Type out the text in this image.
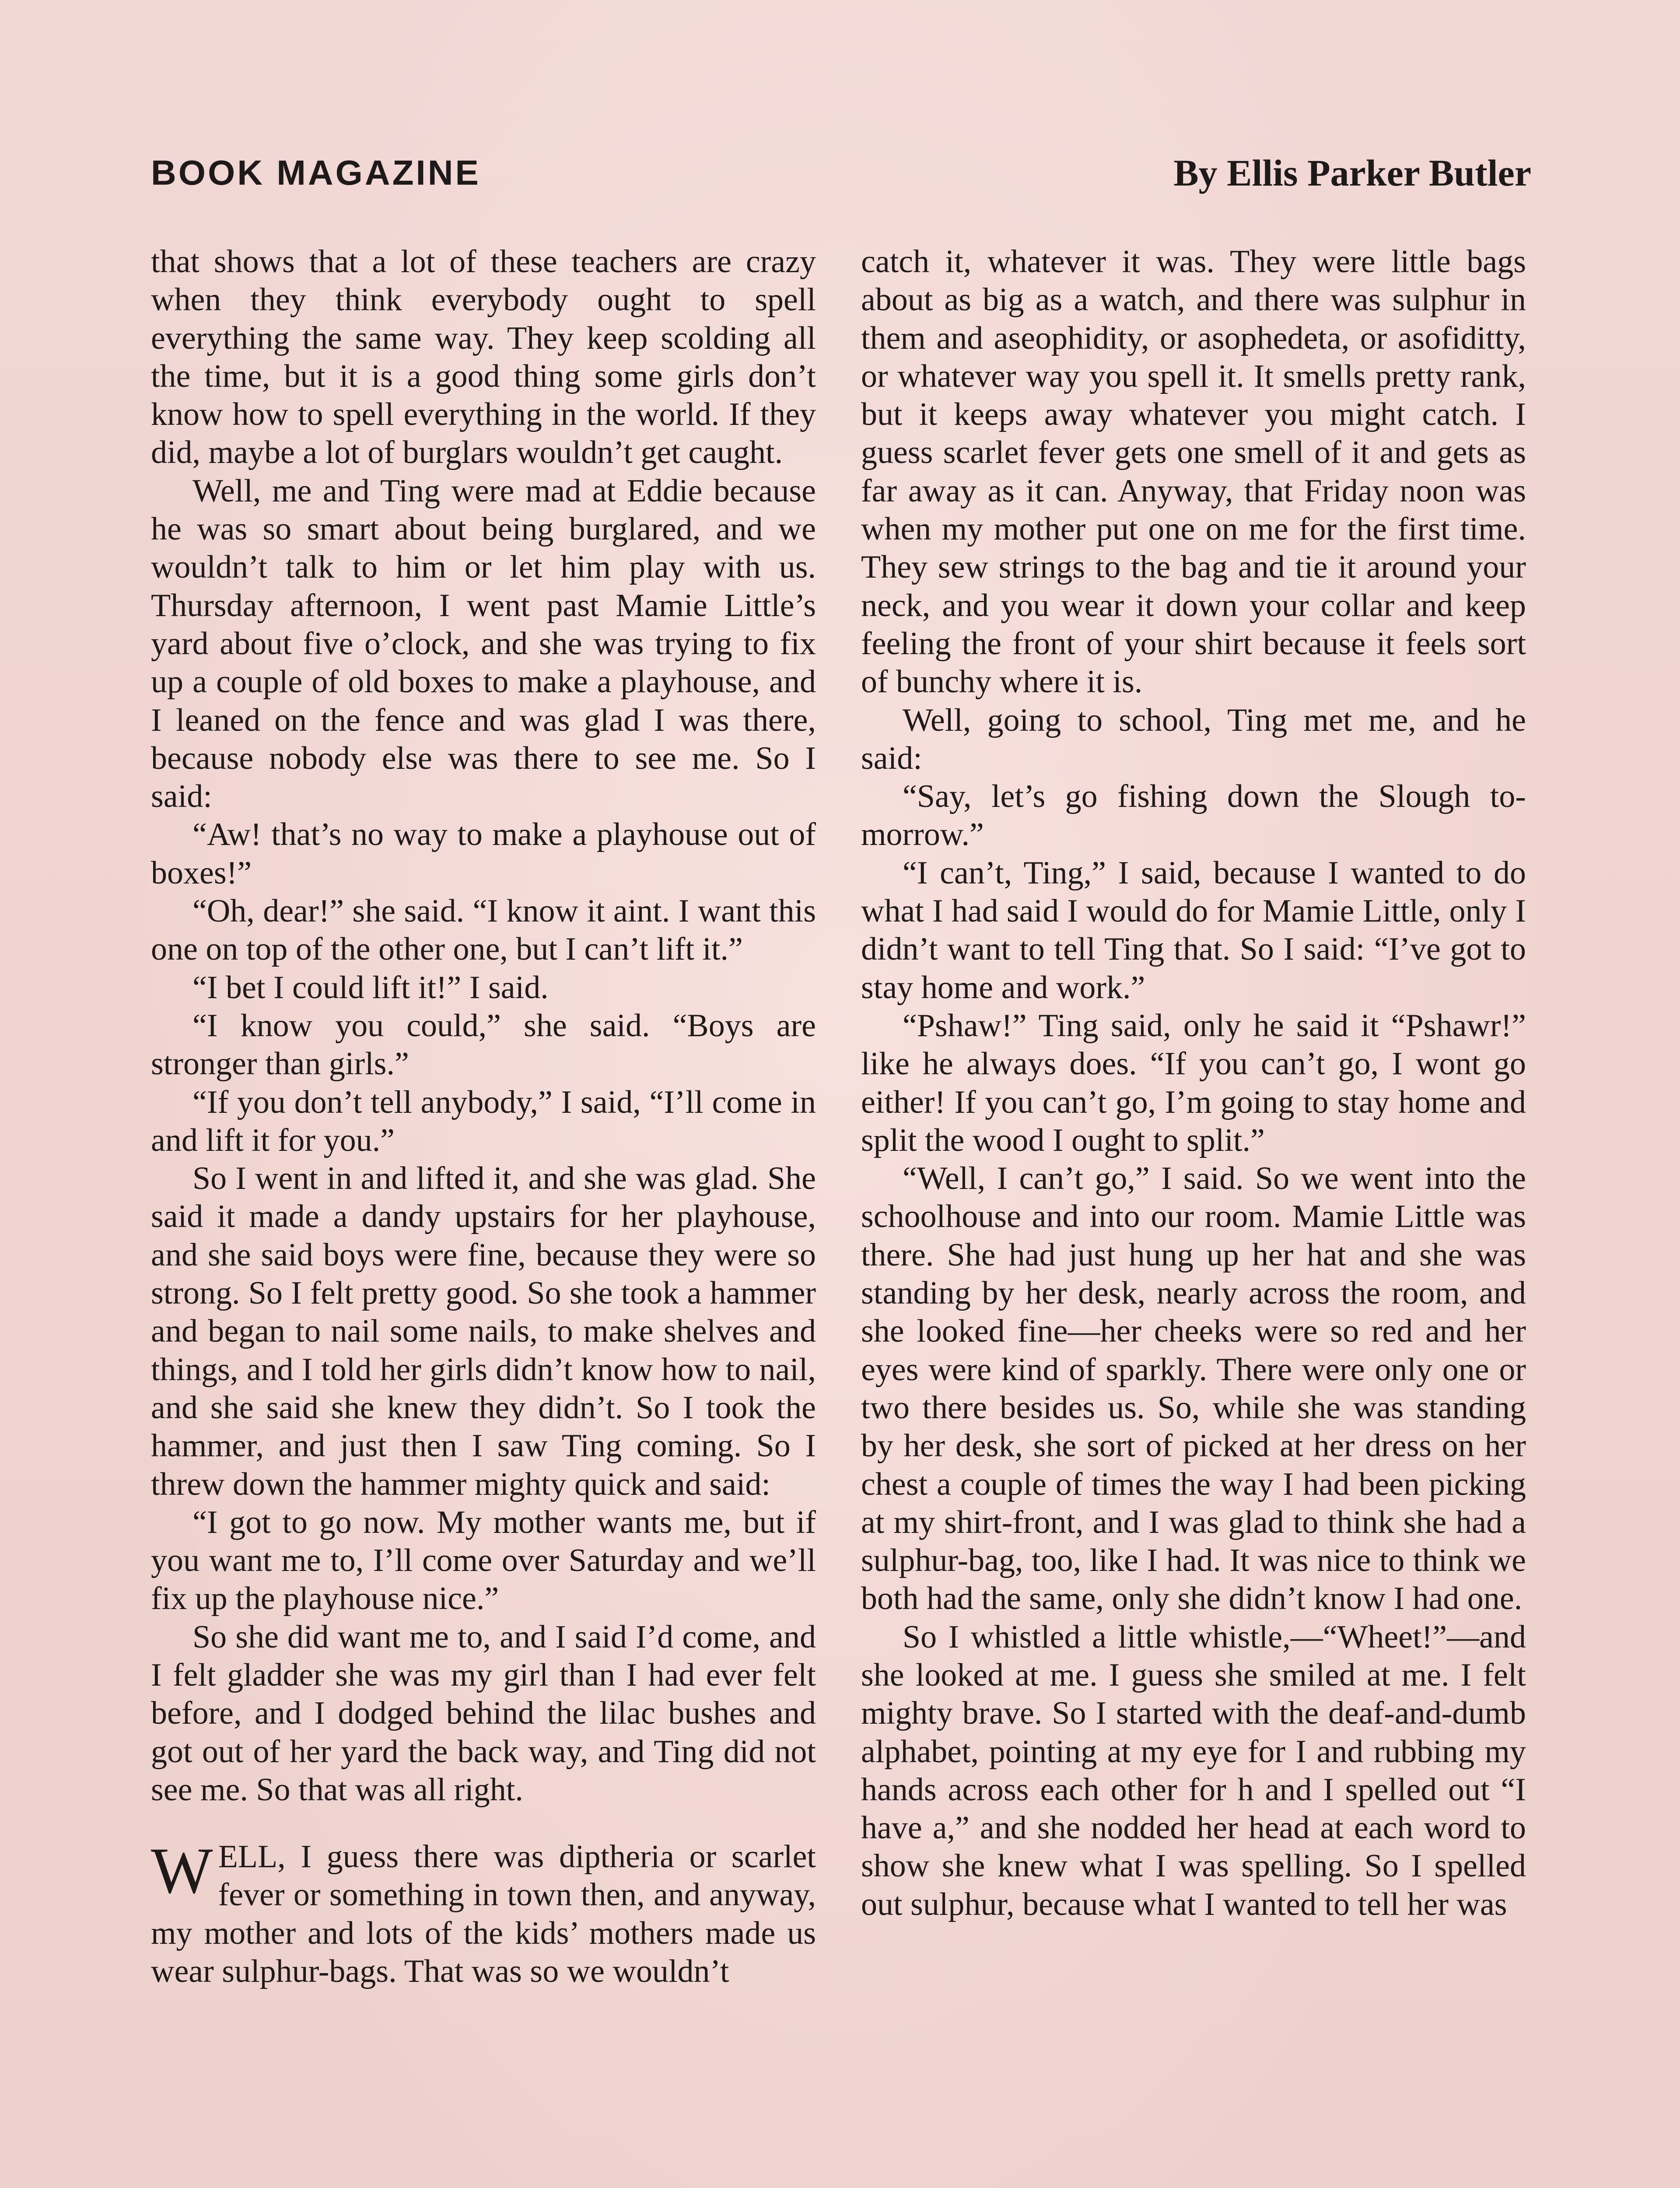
BOOK MAGAZINE	By Ellis Parker Butler

that shows that a lot of these teachers are crazy when they think everybody ought to spell everything the same way. They keep scolding all the time, but it is a good thing some girls don’t know how to spell everything in the world. If they did, maybe a lot of burglars wouldn’t get caught.

Well, me and Ting were mad at Eddie because he was so smart about being burglared, and we wouldn’t talk to him or let him play with us. Thursday afternoon, I went past Mamie Little’s yard about five o’clock, and she was trying to fix up a couple of old boxes to make a playhouse, and I leaned on the fence and was glad I was there, because nobody else was there to see me. So I said:

“Aw! that’s no way to make a playhouse out of boxes!”

“Oh, dear!” she said. “I know it aint. I want this one on top of the other one, but I can’t lift it.”

“I bet I could lift it!” I said.

“I know you could,” she said. “Boys are stronger than girls.”

“If you don’t tell anybody,” I said, “I’ll come in and lift it for you.”

So I went in and lifted it, and she was glad. She said it made a dandy upstairs for her playhouse, and she said boys were fine, because they were so strong. So I felt pretty good. So she took a hammer and began to nail some nails, to make shelves and things, and I told her girls didn’t know how to nail, and she said she knew they didn’t. So I took the hammer, and just then I saw Ting coming. So I threw down the hammer mighty quick and said:

“I got to go now. My mother wants me, but if you want me to, I’ll come over Saturday and we’ll fix up the playhouse nice.”

So she did want me to, and I said I’d come, and I felt gladder she was my girl than I had ever felt before, and I dodged behind the lilac bushes and got out of her yard the back way, and Ting did not see me. So that was all right.

WELL, I guess there was diptheria or scarlet fever or something in town then, and anyway, my mother and lots of the kids’ mothers made us wear sulphur-bags. That was so we wouldn’t

catch it, whatever it was. They were little bags about as big as a watch, and there was sulphur in them and aseophidity, or asophedeta, or asofiditty, or whatever way you spell it. It smells pretty rank, but it keeps away whatever you might catch. I guess scarlet fever gets one smell of it and gets as far away as it can. Anyway, that Friday noon was when my mother put one on me for the first time. They sew strings to the bag and tie it around your neck, and you wear it down your collar and keep feeling the front of your shirt because it feels sort of bunchy where it is.

Well, going to school, Ting met me, and he said:

“Say, let’s go fishing down the Slough to-morrow.”

“I can’t, Ting,” I said, because I wanted to do what I had said I would do for Mamie Little, only I didn’t want to tell Ting that. So I said: “I’ve got to stay home and work.”

“Pshaw!” Ting said, only he said it “Pshawr!” like he always does. “If you can’t go, I wont go either! If you can’t go, I’m going to stay home and split the wood I ought to split.”

“Well, I can’t go,” I said. So we went into the schoolhouse and into our room. Mamie Little was there. She had just hung up her hat and she was standing by her desk, nearly across the room, and she looked fine—her cheeks were so red and her eyes were kind of sparkly. There were only one or two there besides us. So, while she was standing by her desk, she sort of picked at her dress on her chest a couple of times the way I had been picking at my shirt-front, and I was glad to think she had a sulphur-bag, too, like I had. It was nice to think we both had the same, only she didn’t know I had one.

So I whistled a little whistle,—“Wheet!”—and she looked at me. I guess she smiled at me. I felt mighty brave. So I started with the deaf-and-dumb alphabet, pointing at my eye for I and rubbing my hands across each other for h and I spelled out “I have a,” and she nodded her head at each word to show she knew what I was spelling. So I spelled out sulphur, because what I wanted to tell her was
